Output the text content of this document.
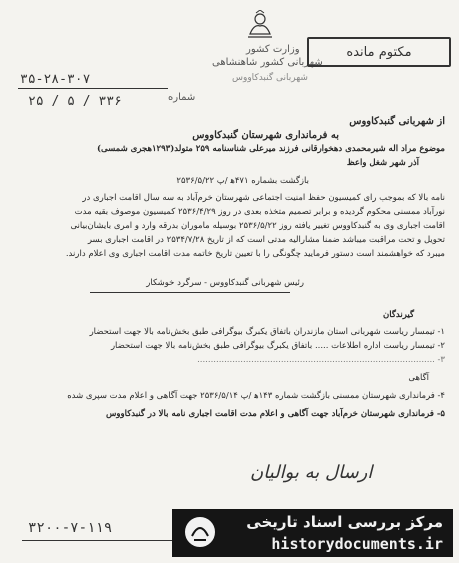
وزارت کشور
شهربانی کشور شاهنشاهی
شهربانی گنبدکاووس
مکتوم مانده
۳۵-۲۸-۳۰۷
شماره
۲۵ / ۵ / ۳۳۶
از شهربانی گنبدکاووس
به فرمانداری شهرستان گنبدکاووس
موضوع مراد اله شیرمحمدی دهخوارقانی فرزند میرعلی شناسنامه ۲۵۹ متولد(۱۲۹۳هجری شمسی)
آذر شهر شغل واعظ
بازگشت بشماره ۴۷۱ه‍ /پ ۲۵۳۶/۵/۲۲
نامه‌ بالا که بموجب رای کمیسیون حفظ امنیت اجتماعی شهرستان خرم‌آباد به سه سال اقامت اجباری در
نورآباد ممسنی محکوم گردیده و برابر تصمیم متخذه بعدی در روز ۲۵۳۶/۴/۲۹ کمیسیون موصوف بقیه مدت
اقامت اجباری وی به گنبدکاووس تغییر یافته روز ۲۵۳۶/۵/۲۲ بوسیله ماموران بدرقه وارد و امری بایشان‌بیانی
تحویل و تحت مراقبت میباشد ضمنا مشارالیه مدتی است که از تاریخ ۲۵۳۴/۷/۲۸ در اقامت اجباری بسر
میبرد که خواهشمند است دستور فرمایید چگونگی را با تعیین تاریخ خاتمه مدت اقامت اجباری وی اعلام دارند.
رئیس شهربانی گنبدکاووس - سرگرد خوشکار
گیرندگان
۱- تیمسار ریاست شهربانی استان مازندران باتفاق یکبرگ بیوگرافی طبق بخش‌نامه بالا جهت استحضار
۲- تیمسار ریاست اداره اطلاعات ..... باتفاق یکبرگ بیوگرافی طبق بخش‌نامه بالا جهت استحضار
۳- ........................................................................................
آگاهی
۴- فرمانداری شهرستان ممسنی بازگشت شماره ۱۴۳ه‍ /پ ۲۵۳۶/۵/۱۴ جهت آگاهی و اعلام مدت سپری شده
۵- فرمانداری شهرستان خرم‌آباد جهت آگاهی و اعلام مدت اقامت اجباری نامه بالا در گنبدکاووس
ارسال به بوالیان
۳۲۰۰-۷-۱۱۹	مرکز بررسی اسناد تاریخی
historydocuments.ir
